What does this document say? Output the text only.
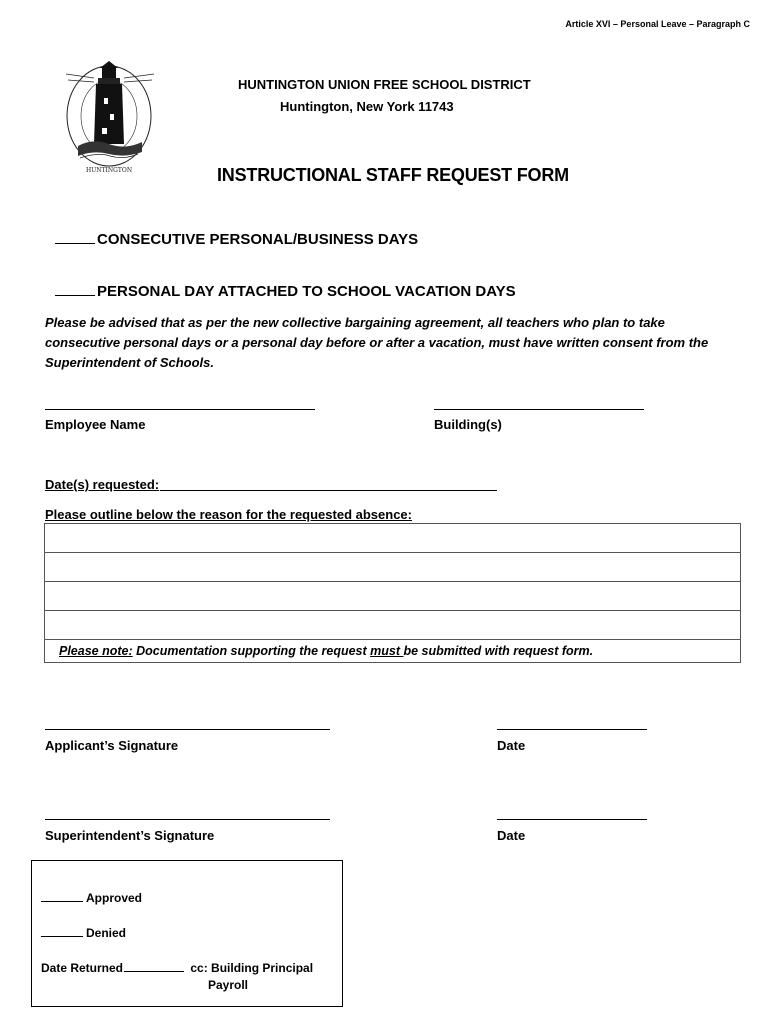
Article XVI – Personal Leave – Paragraph C
HUNTINGTON
HUNTINGTON UNION FREE SCHOOL DISTRICT
Huntington, New York 11743
INSTRUCTIONAL STAFF REQUEST FORM
CONSECUTIVE PERSONAL/BUSINESS DAYS
PERSONAL DAY ATTACHED TO SCHOOL VACATION DAYS
Please be advised that as per the new collective bargaining agreement, all teachers who plan to take consecutive personal days or a personal day before or after a vacation, must have written consent from the Superintendent of Schools.
Employee Name	Building(s)
Date(s) requested:
Please outline below the reason for the requested absence:

Please note: Documentation supporting the request must be submitted with request form.
Applicant’s Signature	Date
Superintendent’s Signature	Date
Approved
Denied
Date Returned	cc: Building Principal
Payroll
